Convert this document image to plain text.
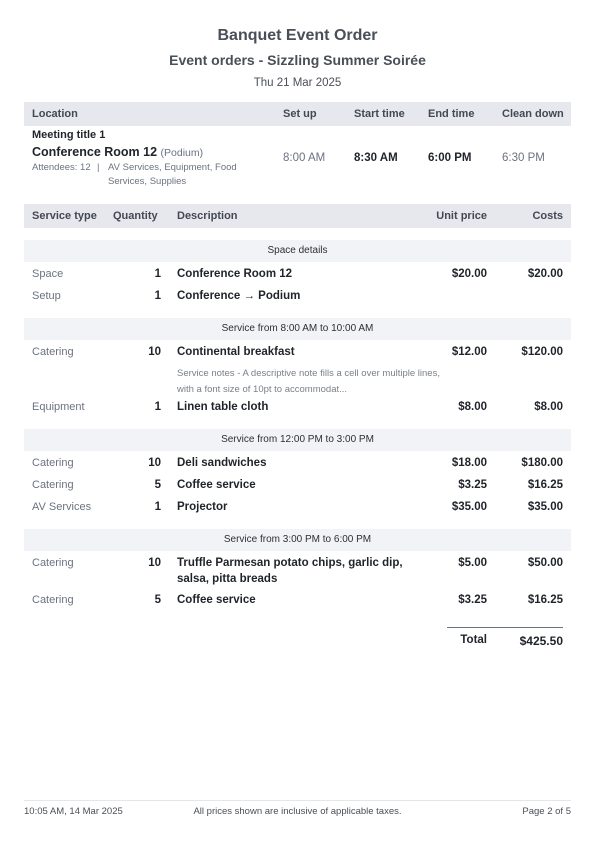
Banquet Event Order
Event orders - Sizzling Summer Soirée
Thu 21 Mar 2025
Location	Set up	Start time End time	Clean down
Meeting title 1
Conference Room 12 (Podium)
Attendees: 12 | AV Services, Equipment, Food
Services, Supplies
8:00 AM	8:30 AM	6:00 PM	6:30 PM
Service type Quantity Description	Unit price	Costs
Space details
Space	1 Conference Room 12	$20.00	$20.00
Setup	1 Conference → Podium
Service from 8:00 AM to 10:00 AM
Catering	10 Continental breakfast	$12.00	$120.00
Service notes - A descriptive note fills a cell over multiple lines, with a font size of 10pt to accommodat...
Equipment	1 Linen table cloth	$8.00	$8.00
Service from 12:00 PM to 3:00 PM
Catering	10 Deli sandwiches	$18.00	$180.00
Catering	5 Coffee service	$3.25	$16.25
AV Services	1 Projector	$35.00	$35.00
Service from 3:00 PM to 6:00 PM
Catering	10 Truffle Parmesan potato chips, garlic dip,
salsa, pitta breads
$5.00	$50.00
Catering	5 Coffee service	$3.25	$16.25
Total	$425.50
10:05 AM, 14 Mar 2025	All prices shown are inclusive of applicable taxes.	Page 2 of 5
